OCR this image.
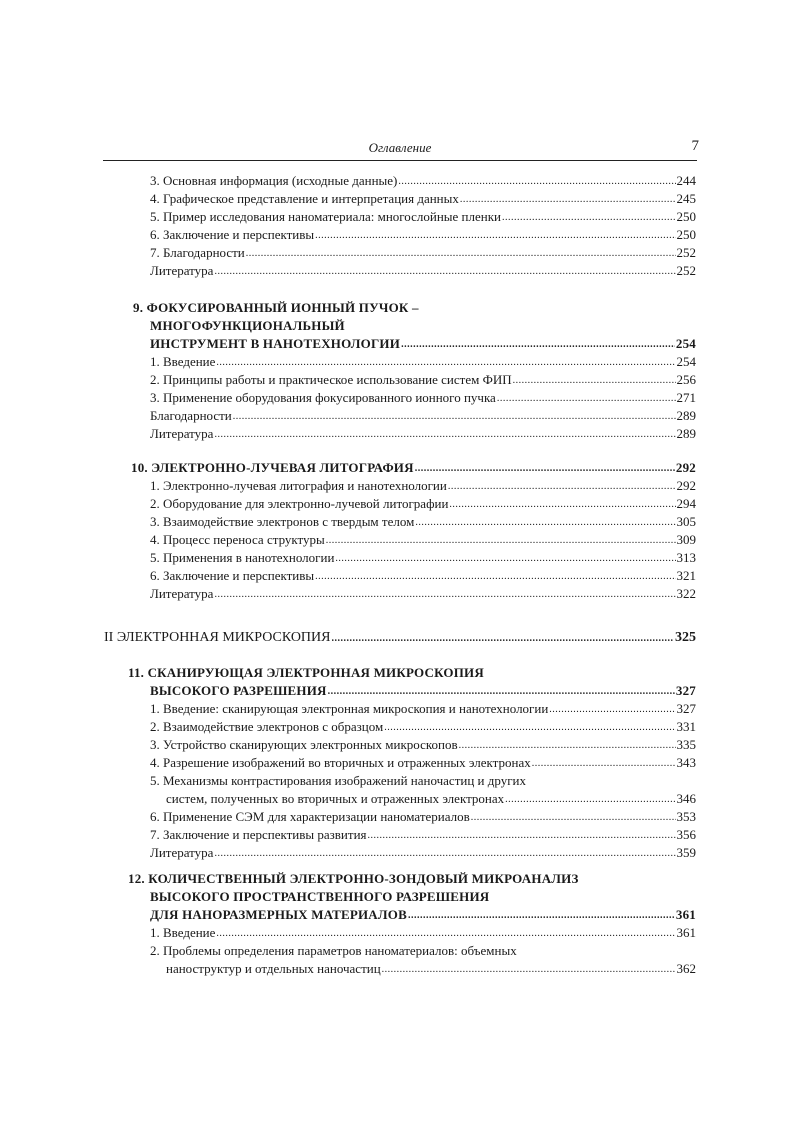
Оглавление	7
3. Основная информация (исходные данные) .....	244
4. Графическое представление и интерпретация данных .....	245
5. Пример исследования наноматериала: многослойные пленки .....	250
6. Заключение и перспективы .....	250
7. Благодарности .....	252
Литература .....	252
9. ФОКУСИРОВАННЫЙ ИОННЫЙ ПУЧОК –
МНОГОФУНКЦИОНАЛЬНЫЙ
ИНСТРУМЕНТ В НАНОТЕХНОЛОГИИ .....	254
1. Введение .....	254
2. Принципы работы и практическое использование систем ФИП .....	256
3. Применение оборудования фокусированного ионного пучка .....	271
Благодарности .....	289
Литература .....	289
10. ЭЛЕКТРОННО-ЛУЧЕВАЯ ЛИТОГРАФИЯ .....	292
1. Электронно-лучевая литография и нанотехнологии .....	292
2. Оборудование для электронно-лучевой литографии .....	294
3. Взаимодействие электронов с твердым телом .....	305
4. Процесс переноса структуры .....	309
5. Применения в нанотехнологии .....	313
6. Заключение и перспективы .....	321
Литература .....	322
II ЭЛЕКТРОННАЯ МИКРОСКОПИЯ .....	325
11. СКАНИРУЮЩАЯ ЭЛЕКТРОННАЯ МИКРОСКОПИЯ
ВЫСОКОГО РАЗРЕШЕНИЯ .....	327
1. Введение: сканирующая электронная микроскопия и нанотехнологии .....	327
2. Взаимодействие электронов с образцом .....	331
3. Устройство сканирующих электронных микроскопов .....	335
4. Разрешение изображений во вторичных и отраженных электронах .....	343
5. Механизмы контрастирования изображений наночастиц и других
систем, полученных во вторичных и отраженных электронах .....	346
6. Применение СЭМ для характеризации наноматериалов .....	353
7. Заключение и перспективы развития .....	356
Литература .....	359
12. КОЛИЧЕСТВЕННЫЙ ЭЛЕКТРОННО-ЗОНДОВЫЙ МИКРОАНАЛИЗ
ВЫСОКОГО ПРОСТРАНСТВЕННОГО РАЗРЕШЕНИЯ
ДЛЯ НАНОРАЗМЕРНЫХ МАТЕРИАЛОВ .....	361
1. Введение .....	361
2. Проблемы определения параметров наноматериалов: объемных
наноструктур и отдельных наночастиц .....	362
